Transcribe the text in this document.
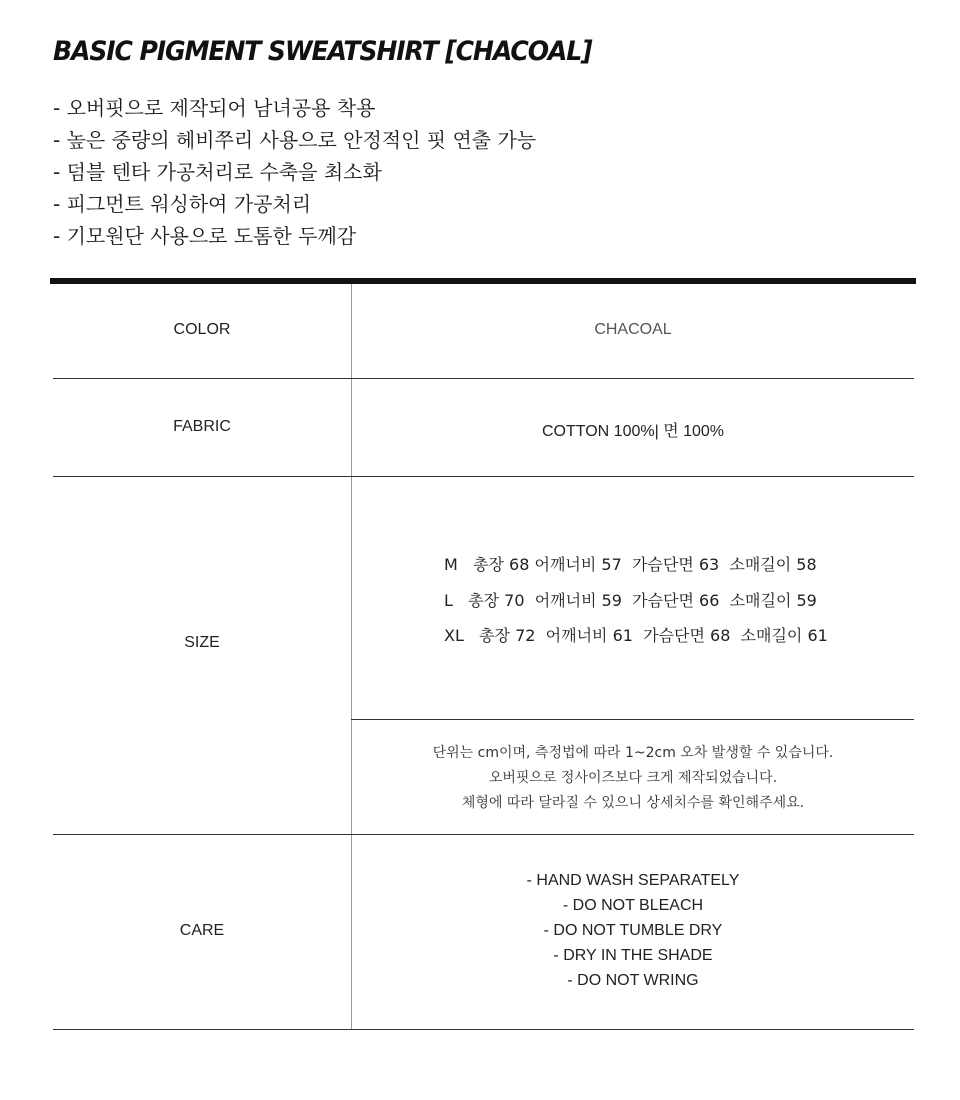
BASIC PIGMENT SWEATSHIRT [CHACOAL]
- 오버핏으로 제작되어 남녀공용 착용
- 높은 중량의 헤비쭈리 사용으로 안정적인 핏 연출 가능
- 덤블 텐타 가공처리로 수축을 최소화
- 피그먼트 워싱하여 가공처리
- 기모원단 사용으로 도톰한 두께감
COLOR	CHACOAL
FABRIC	COTTON 100%| 면 100%
SIZE
M   총장 68 어깨너비 57  가슴단면 63  소매길이 58
L   총장 70  어깨너비 59  가슴단면 66  소매길이 59
XL   총장 72  어깨너비 61  가슴단면 68  소매길이 61
단위는 cm이며, 측정법에 따라 1~2cm 오차 발생할 수 있습니다.
오버핏으로 정사이즈보다 크게 제작되었습니다.
체형에 따라 달라질 수 있으니 상세치수를 확인해주세요.
CARE
- HAND WASH SEPARATELY
- DO NOT BLEACH
- DO NOT TUMBLE DRY
- DRY IN THE SHADE
- DO NOT WRING
